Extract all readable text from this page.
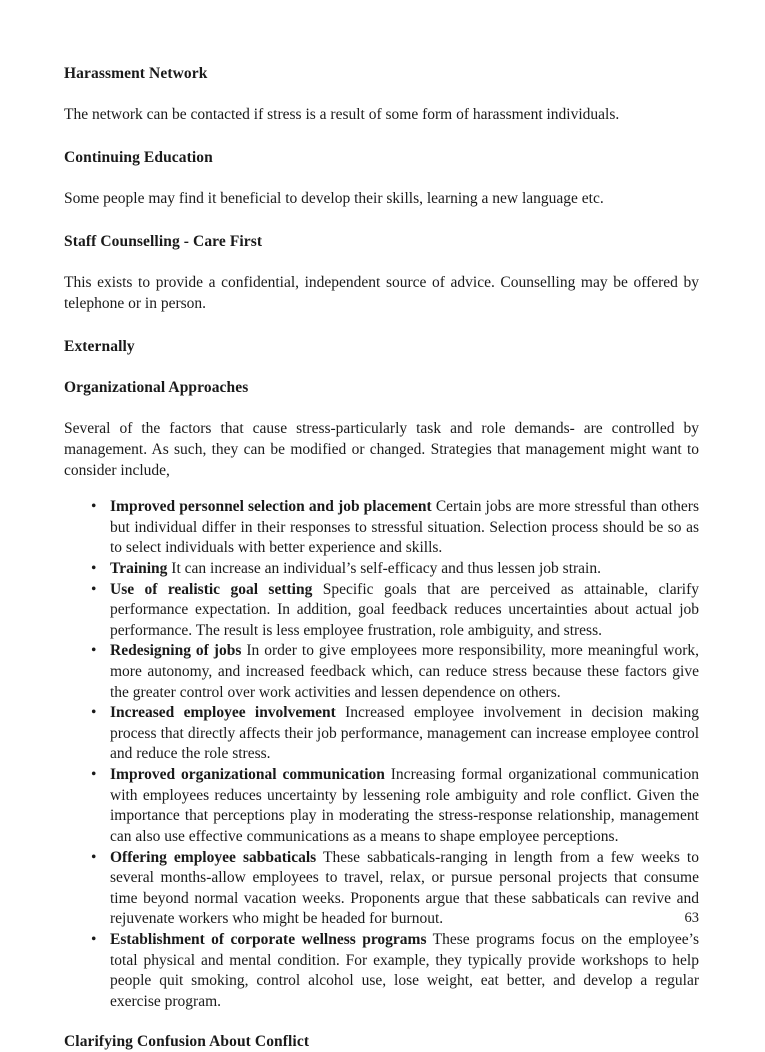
Harassment Network

The network can be contacted if stress is a result of some form of harassment individuals.

Continuing Education

Some people may find it beneficial to develop their skills, learning a new language etc.

Staff Counselling - Care First

This exists to provide a confidential, independent source of advice. Counselling may be offered by telephone or in person.

Externally
Organizational Approaches

Several of the factors that cause stress-particularly task and role demands- are controlled by management. As such, they can be modified or changed. Strategies that management might want to consider include,

• Improved personnel selection and job placement Certain jobs are more stressful than others but individual differ in their responses to stressful situation. Selection process should be so as to select individuals with better experience and skills.
• Training It can increase an individual’s self-efficacy and thus lessen job strain.
• Use of realistic goal setting Specific goals that are perceived as attainable, clarify performance expectation. In addition, goal feedback reduces uncertainties about actual job performance. The result is less employee frustration, role ambiguity, and stress.
• Redesigning of jobs In order to give employees more responsibility, more meaningful work, more autonomy, and increased feedback which, can reduce stress because these factors give the greater control over work activities and lessen dependence on others.
• Increased employee involvement Increased employee involvement in decision making process that directly affects their job performance, management can increase employee control and reduce the role stress.
• Improved organizational communication Increasing formal organizational communication with employees reduces uncertainty by lessening role ambiguity and role conflict. Given the importance that perceptions play in moderating the stress-response relationship, management can also use effective communications as a means to shape employee perceptions.
• Offering employee sabbaticals These sabbaticals-ranging in length from a few weeks to several months-allow employees to travel, relax, or pursue personal projects that consume time beyond normal vacation weeks. Proponents argue that these sabbaticals can revive and rejuvenate workers who might be headed for burnout.
• Establishment of corporate wellness programs These programs focus on the employee’s total physical and mental condition. For example, they typically provide workshops to help people quit smoking, control alcohol use, lose weight, eat better, and develop a regular exercise program.
Clarifying Confusion About Conflict
63
